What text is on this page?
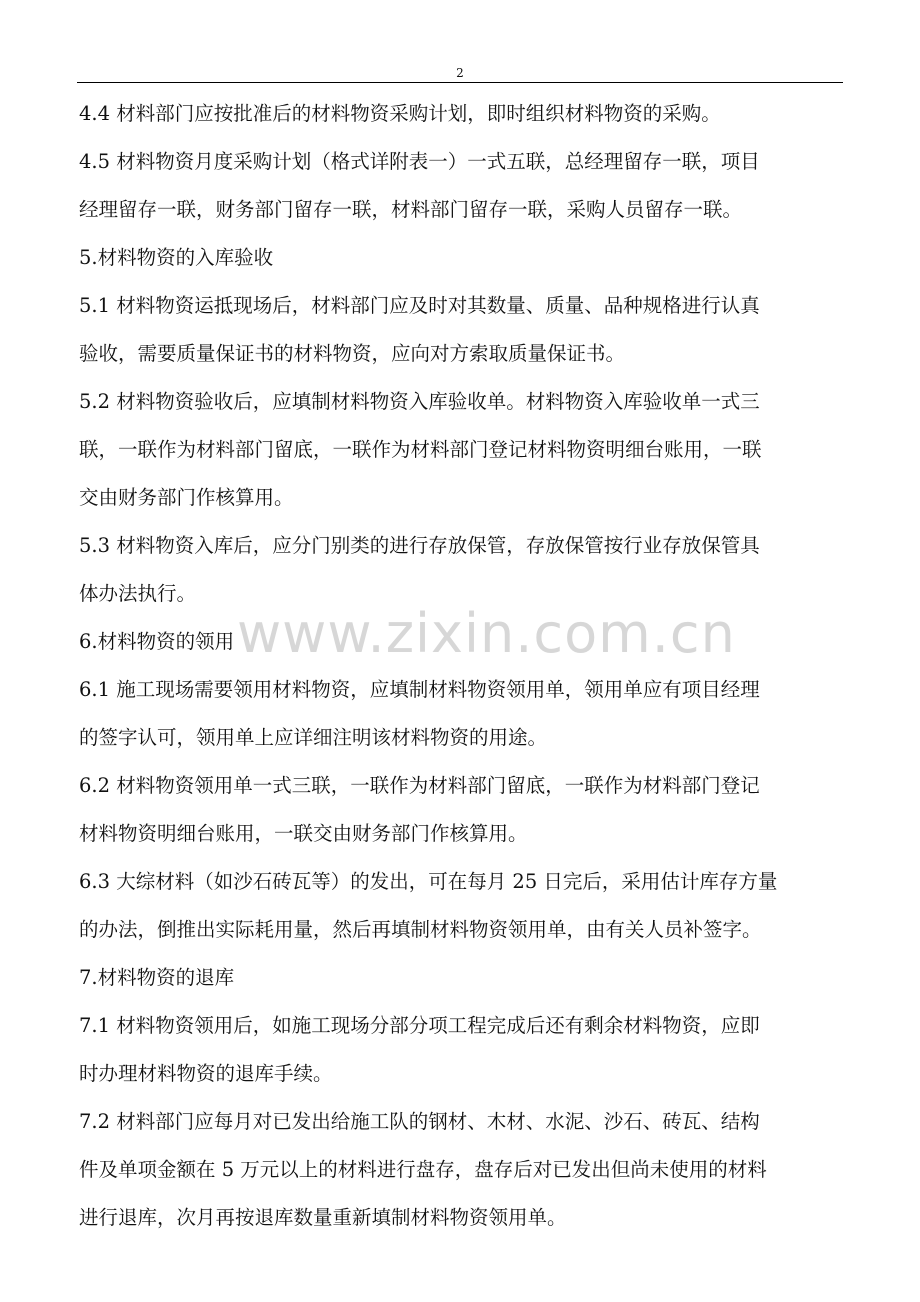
2
4.4 材料部门应按批准后的材料物资采购计划，即时组织材料物资的采购。
4.5 材料物资月度采购计划（格式详附表一）一式五联，总经理留存一联，项目
经理留存一联，财务部门留存一联，材料部门留存一联，采购人员留存一联。
5.材料物资的入库验收
5.1 材料物资运抵现场后，材料部门应及时对其数量、质量、品种规格进行认真
验收，需要质量保证书的材料物资，应向对方索取质量保证书。
5.2 材料物资验收后，应填制材料物资入库验收单。材料物资入库验收单一式三
联，一联作为材料部门留底，一联作为材料部门登记材料物资明细台账用，一联
交由财务部门作核算用。
5.3 材料物资入库后，应分门别类的进行存放保管，存放保管按行业存放保管具
体办法执行。
6.材料物资的领用
6.1 施工现场需要领用材料物资，应填制材料物资领用单，领用单应有项目经理
的签字认可，领用单上应详细注明该材料物资的用途。
6.2 材料物资领用单一式三联，一联作为材料部门留底，一联作为材料部门登记
材料物资明细台账用，一联交由财务部门作核算用。
6.3 大综材料（如沙石砖瓦等）的发出，可在每月 25 日完后，采用估计库存方量
的办法，倒推出实际耗用量，然后再填制材料物资领用单，由有关人员补签字。
7.材料物资的退库
7.1 材料物资领用后，如施工现场分部分项工程完成后还有剩余材料物资，应即
时办理材料物资的退库手续。
7.2 材料部门应每月对已发出给施工队的钢材、木材、水泥、沙石、砖瓦、结构
件及单项金额在 5 万元以上的材料进行盘存，盘存后对已发出但尚未使用的材料
进行退库，次月再按退库数量重新填制材料物资领用单。
www.zixin.com.cn
